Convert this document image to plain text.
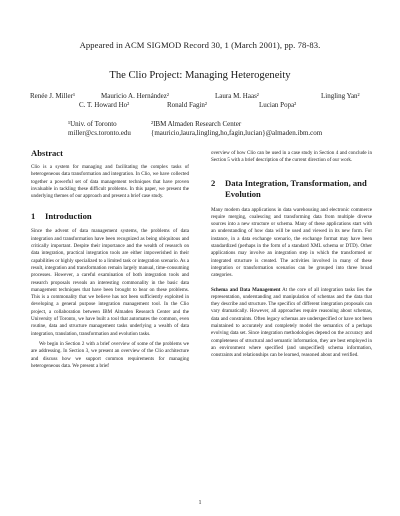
Appeared in ACM SIGMOD Record 30, 1 (March 2001), pp. 78-83.
The Clio Project: Managing Heterogeneity
Renée J. Miller¹	Mauricio A. Hernández²	Laura M. Haas²	Lingling Yan²
C. T. Howard Ho²	Ronald Fagin²	Lucian Popa²
¹Univ. of Toronto
miller@cs.toronto.edu
²IBM Almaden Research Center
{mauricio,laura,lingling,ho,fagin,lucian}@almaden.ibm.com
Abstract

Clio is a system for managing and facilitating the complex tasks of heterogeneous data transformation and integration. In Clio, we have collected together a powerful set of data management techniques that have proven invaluable in tackling these difficult problems. In this paper, we present the underlying themes of our approach and present a brief case study.

1 Introduction

Since the advent of data management systems, the problems of data integration and transformation have been recognized as being ubiquitous and critically important. Despite their importance and the wealth of research on data integration, practical integration tools are either impoverished in their capabilities or highly specialized to a limited task or integration scenario. As a result, integration and transformation remain largely manual, time-consuming processes. However, a careful examination of both integration tools and research proposals reveals an interesting commonality in the basic data management techniques that have been brought to bear on these problems. This is a commonality that we believe has not been sufficiently exploited in developing a general purpose integration management tool. In the Clio project, a collaboration between IBM Almaden Research Center and the University of Toronto, we have built a tool that automates the common, even routine, data and structure management tasks underlying a wealth of data integration, translation, transformation and evolution tasks.

We begin in Section 2 with a brief overview of some of the problems we are addressing. In Section 3, we present an overview of the Clio architecture and discuss how we support common requirements for managing heterogeneous data. We present a brief

overview of how Clio can be used in a case study in Section 4 and conclude in Section 5 with a brief description of the current direction of our work.

2	Data Integration, Transformation, and Evolution

Many modern data applications in data warehousing and electronic commerce require merging, coalescing and transforming data from multiple diverse sources into a new structure or schema. Many of these applications start with an understanding of how data will be used and viewed in its new form. For instance, in a data exchange scenario, the exchange format may have been standardized (perhaps in the form of a standard XML schema or DTD). Other applications may involve an integration step in which the transformed or integrated structure is created. The activities involved in many of these integration or transformation scenarios can be grouped into three broad categories.

Schema and Data Management At the core of all integration tasks lies the representation, understanding and manipulation of schemas and the data that they describe and structure. The specifics of different integration proposals can vary dramatically. However, all approaches require reasoning about schemas, data and constraints. Often legacy schemas are underspecified or have not been maintained to accurately and completely model the semantics of a perhaps evolving data set. Since integration methodologies depend on the accuracy and completeness of structural and semantic information, they are best employed in an environment where specified (and unspecified) schema information, constraints and relationships can be learned, reasoned about and verified.

1
